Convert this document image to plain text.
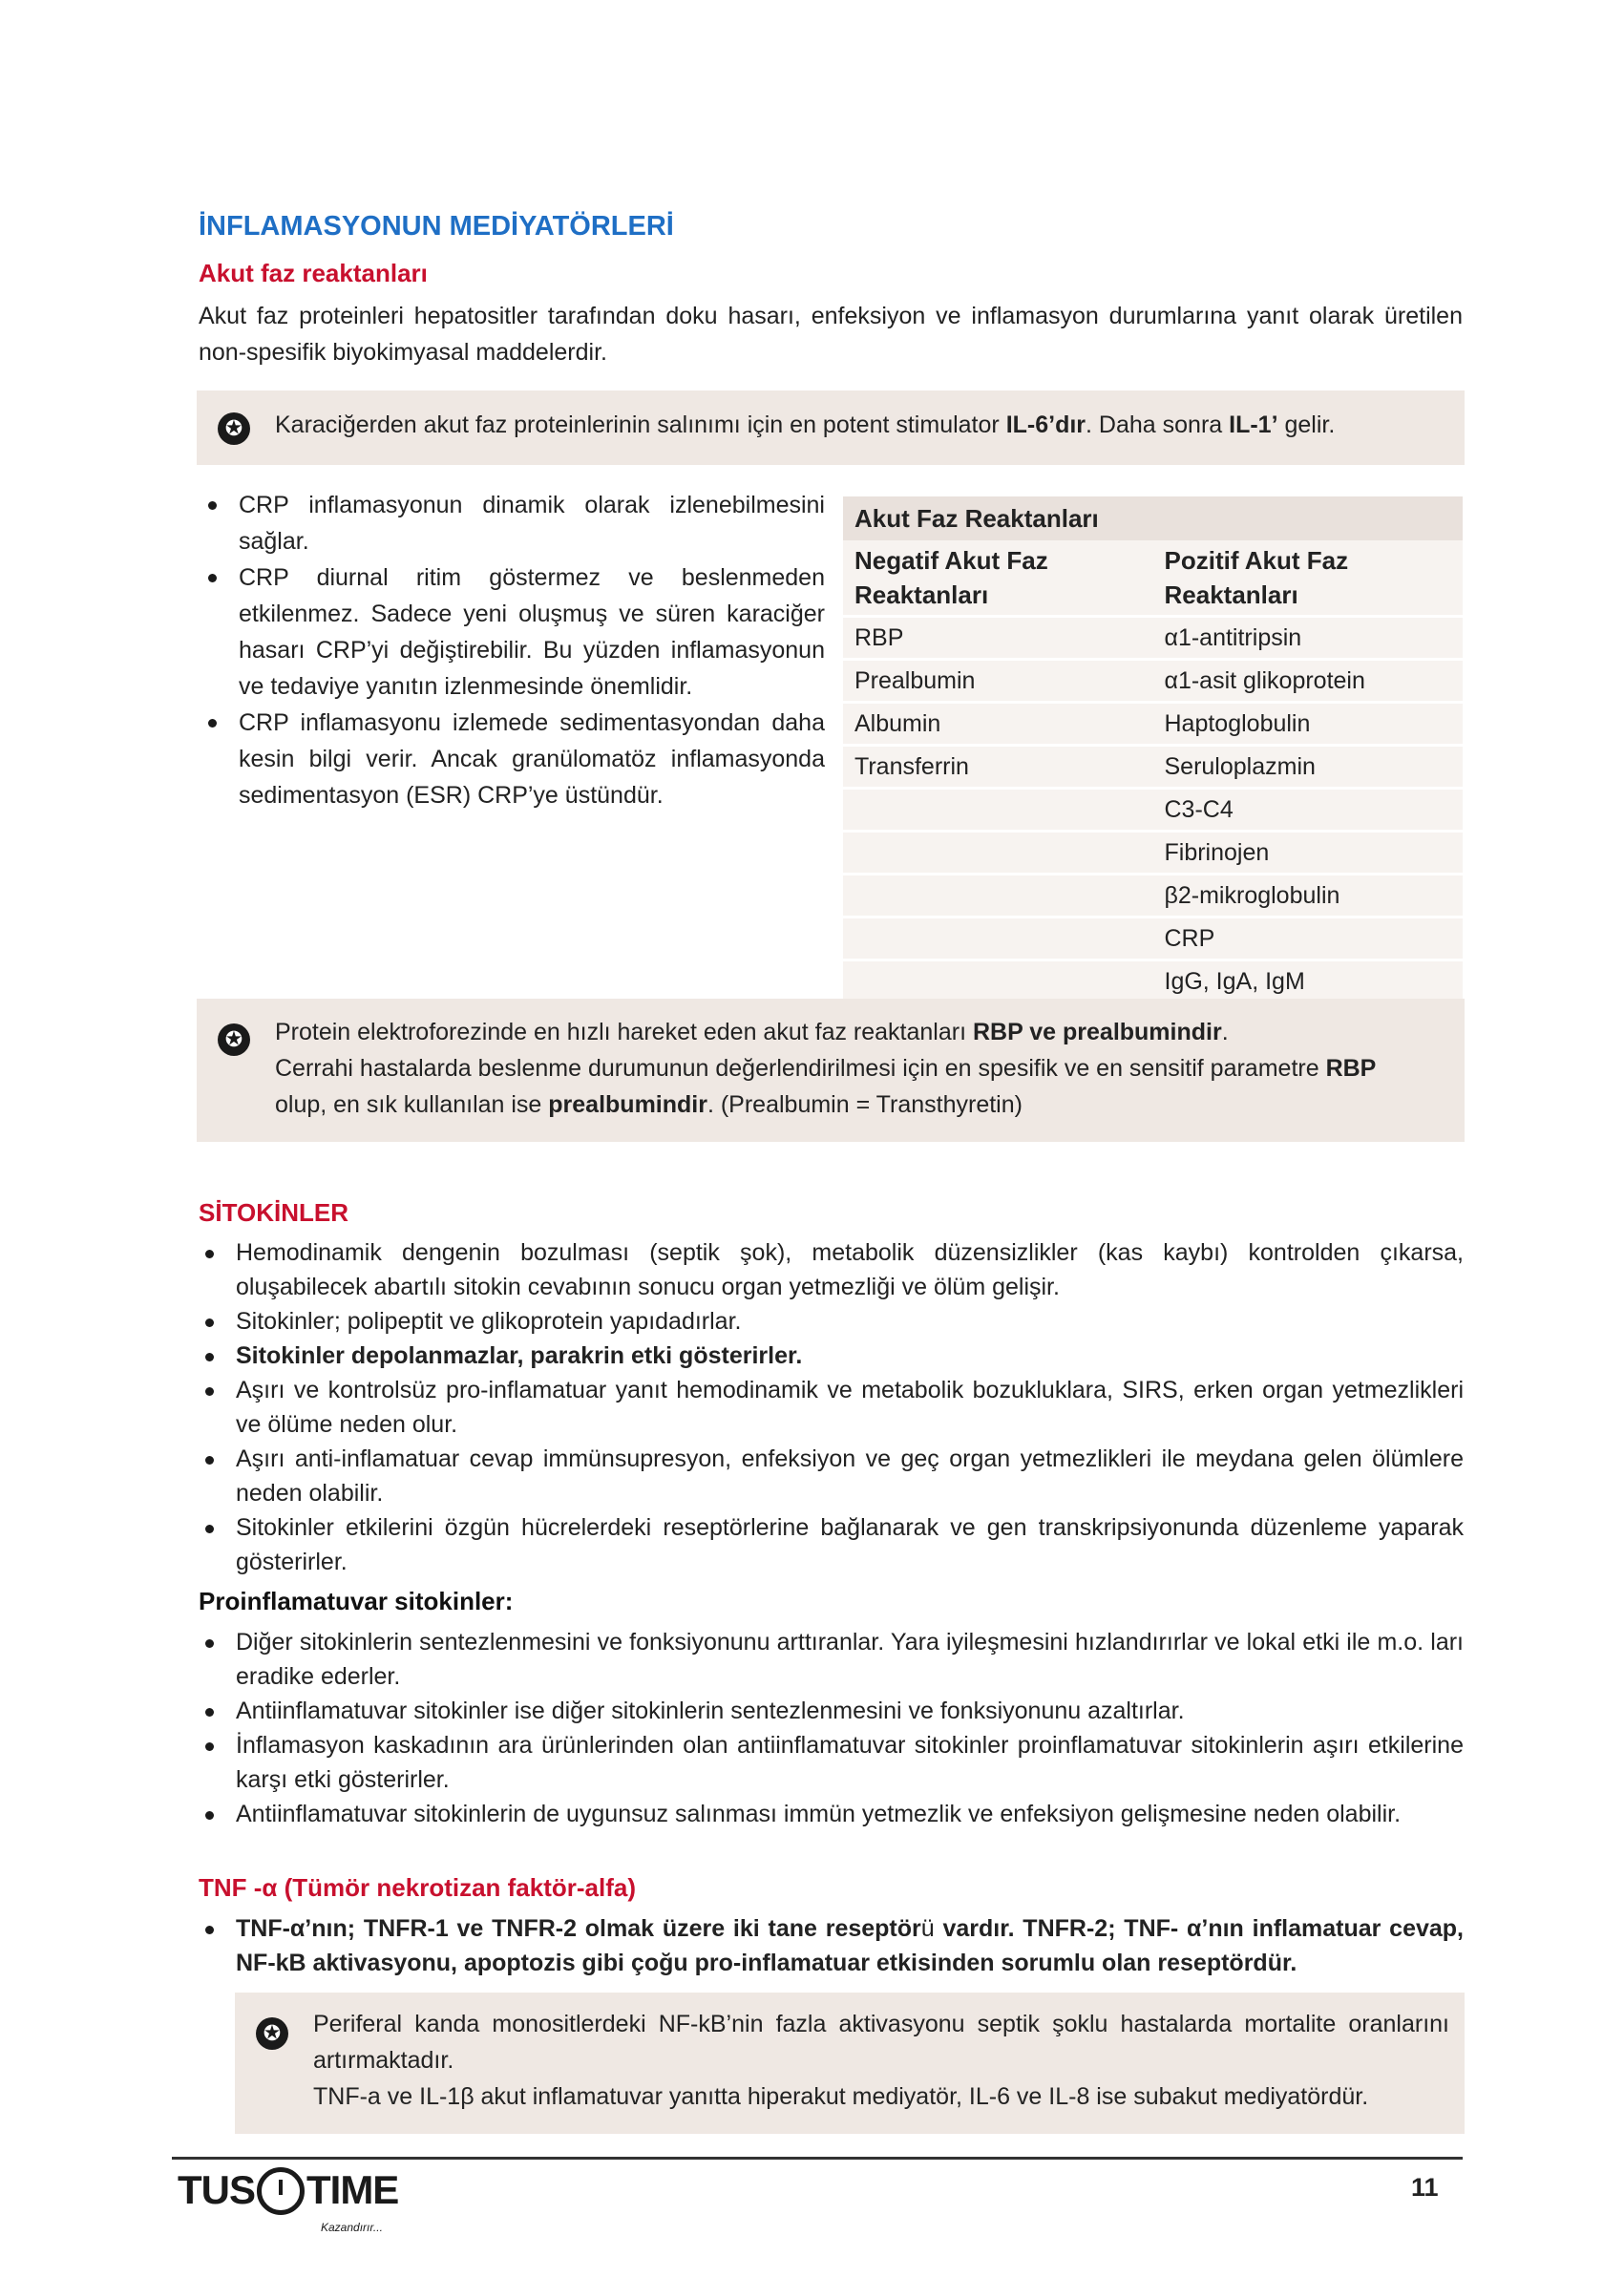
İNFLAMASYONUN MEDİYATÖRLERİ
Akut faz reaktanları
Akut faz proteinleri hepatositler tarafından doku hasarı, enfeksiyon ve inflamasyon durumlarına yanıt olarak üretilen non-spesifik biyokimyasal maddelerdir.
✪	Karaciğerden akut faz proteinlerinin salınımı için en potent stimulator IL-6’dır. Daha sonra IL-1’ gelir.
CRP inflamasyonun dinamik olarak izlenebilmesini sağlar.
CRP diurnal ritim göstermez ve beslenmeden etkilenmez. Sadece yeni oluşmuş ve süren karaciğer hasarı CRP’yi değiştirebilir. Bu yüzden inflamasyonun ve tedaviye yanıtın izlenmesinde önemlidir.
CRP inflamasyonu izlemede sedimentasyondan daha kesin bilgi verir. Ancak granülomatöz inflamasyonda sedimentasyon (ESR) CRP’ye üstündür.
Akut Faz Reaktanları
Negatif Akut Faz Reaktanları	Pozitif Akut Faz Reaktanları
RBP	α1-antitripsin
Prealbumin	α1-asit glikoprotein
Albumin	Haptoglobulin
Transferrin	Seruloplazmin
	C3-C4
	Fibrinojen
	β2-mikroglobulin
	CRP
	IgG, IgA, IgM
✪	Protein elektroforezinde en hızlı hareket eden akut faz reaktanları RBP ve prealbumindir.
Cerrahi hastalarda beslenme durumunun değerlendirilmesi için en spesifik ve en sensitif parametre RBP
olup, en sık kullanılan ise prealbumindir. (Prealbumin = Transthyretin)
SİTOKİNLER
Hemodinamik dengenin bozulması (septik şok), metabolik düzensizlikler (kas kaybı) kontrolden çıkarsa, oluşabilecek abartılı sitokin cevabının sonucu organ yetmezliği ve ölüm gelişir.
Sitokinler; polipeptit ve glikoprotein yapıdadırlar.
Sitokinler depolanmazlar, parakrin etki gösterirler.
Aşırı ve kontrolsüz pro-inflamatuar yanıt hemodinamik ve metabolik bozukluklara, SIRS, erken organ yetmezlikleri ve ölüme neden olur.
Aşırı anti-inflamatuar cevap immünsupresyon, enfeksiyon ve geç organ yetmezlikleri ile meydana gelen ölümlere neden olabilir.
Sitokinler etkilerini özgün hücrelerdeki reseptörlerine bağlanarak ve gen transkripsiyonunda düzenleme yaparak gösterirler.
Proinflamatuvar sitokinler:
Diğer sitokinlerin sentezlenmesini ve fonksiyonunu arttıranlar. Yara iyileşmesini hızlandırırlar ve lokal etki ile m.o. ları eradike ederler.
Antiinflamatuvar sitokinler ise diğer sitokinlerin sentezlenmesini ve fonksiyonunu azaltırlar.
İnflamasyon kaskadının ara ürünlerinden olan antiinflamatuvar sitokinler proinflamatuvar sitokinlerin aşırı etkilerine karşı etki gösterirler.
Antiinflamatuvar sitokinlerin de uygunsuz salınması immün yetmezlik ve enfeksiyon gelişmesine neden olabilir.
TNF -α (Tümör nekrotizan faktör-alfa)
TNF-α’nın; TNFR-1 ve TNFR-2 olmak üzere iki tane reseptörü vardır. TNFR-2; TNF- α’nın inflamatuar cevap, NF-kB aktivasyonu, apoptozis gibi çoğu pro-inflamatuar etkisinden sorumlu olan reseptördür.
✪	Periferal kanda monositlerdeki NF-kB’nin fazla aktivasyonu septik şoklu hastalarda mortalite oranlarını artırmaktadır.
TNF-a ve IL-1β akut inflamatuvar yanıtta hiperakut mediyatör, IL-6 ve IL-8 ise subakut mediyatördür.
TUS TIME
Kazandırır...
11
